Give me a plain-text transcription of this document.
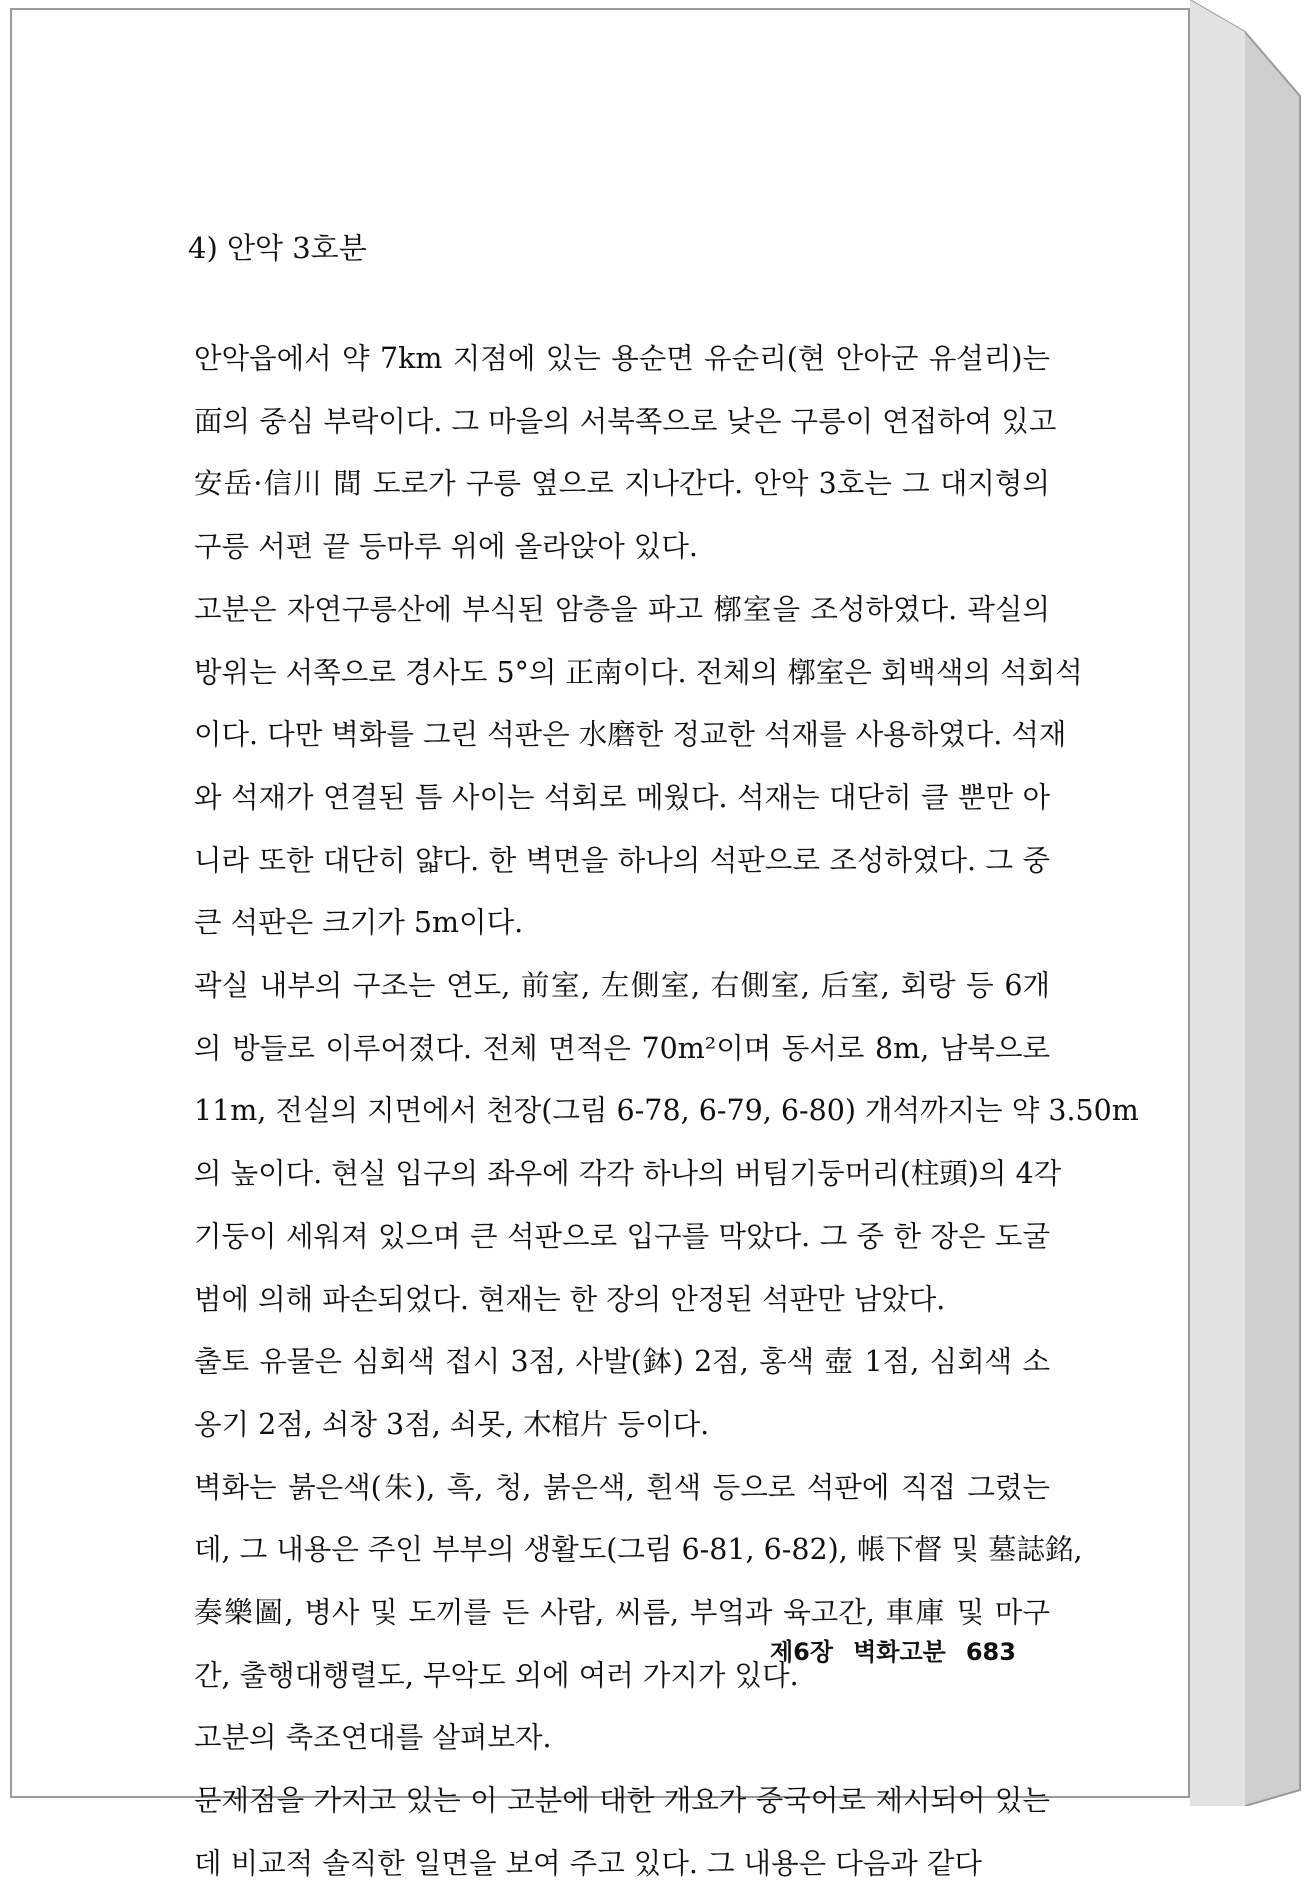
4) 안악 3호분

안악읍에서 약 7km 지점에 있는 용순면 유순리(현 안아군 유설리)는
面의 중심 부락이다. 그 마을의 서북쪽으로 낮은 구릉이 연접하여 있고
安岳·信川 間 도로가 구릉 옆으로 지나간다. 안악 3호는 그 대지형의
구릉 서편 끝 등마루 위에 올라앉아 있다.

고분은 자연구릉산에 부식된 암층을 파고 槨室을 조성하였다. 곽실의
방위는 서쪽으로 경사도 5°의 正南이다. 전체의 槨室은 회백색의 석회석
이다. 다만 벽화를 그린 석판은 水磨한 정교한 석재를 사용하였다. 석재
와 석재가 연결된 틈 사이는 석회로 메웠다. 석재는 대단히 클 뿐만 아
니라 또한 대단히 얇다. 한 벽면을 하나의 석판으로 조성하였다. 그 중
큰 석판은 크기가 5m이다.

곽실 내부의 구조는 연도, 前室, 左側室, 右側室, 后室, 회랑 등 6개
의 방들로 이루어졌다. 전체 면적은 70m²이며 동서로 8m, 남북으로
11m, 전실의 지면에서 천장(그림 6-78, 6-79, 6-80) 개석까지는 약 3.50m
의 높이다. 현실 입구의 좌우에 각각 하나의 버팀기둥머리(柱頭)의 4각
기둥이 세워져 있으며 큰 석판으로 입구를 막았다. 그 중 한 장은 도굴
범에 의해 파손되었다. 현재는 한 장의 안정된 석판만 남았다.

출토 유물은 심회색 접시 3점, 사발(鉢) 2점, 홍색 壺 1점, 심회색 소
옹기 2점, 쇠창 3점, 쇠못, 木棺片 등이다.

벽화는 붉은색(朱), 흑, 청, 붉은색, 흰색 등으로 석판에 직접 그렸는
데, 그 내용은 주인 부부의 생활도(그림 6-81, 6-82), 帳下督 및 墓誌銘,
奏樂圖, 병사 및 도끼를 든 사람, 씨름, 부엌과 육고간, 車庫 및 마구
간, 출행대행렬도, 무악도 외에 여러 가지가 있다.

고분의 축조연대를 살펴보자.

문제점을 가지고 있는 이 고분에 대한 개요가 중국어로 제시되어 있는
데 비교적 솔직한 일면을 보여 주고 있다. 그 내용은 다음과 같다

제6장 벽화고분 683
